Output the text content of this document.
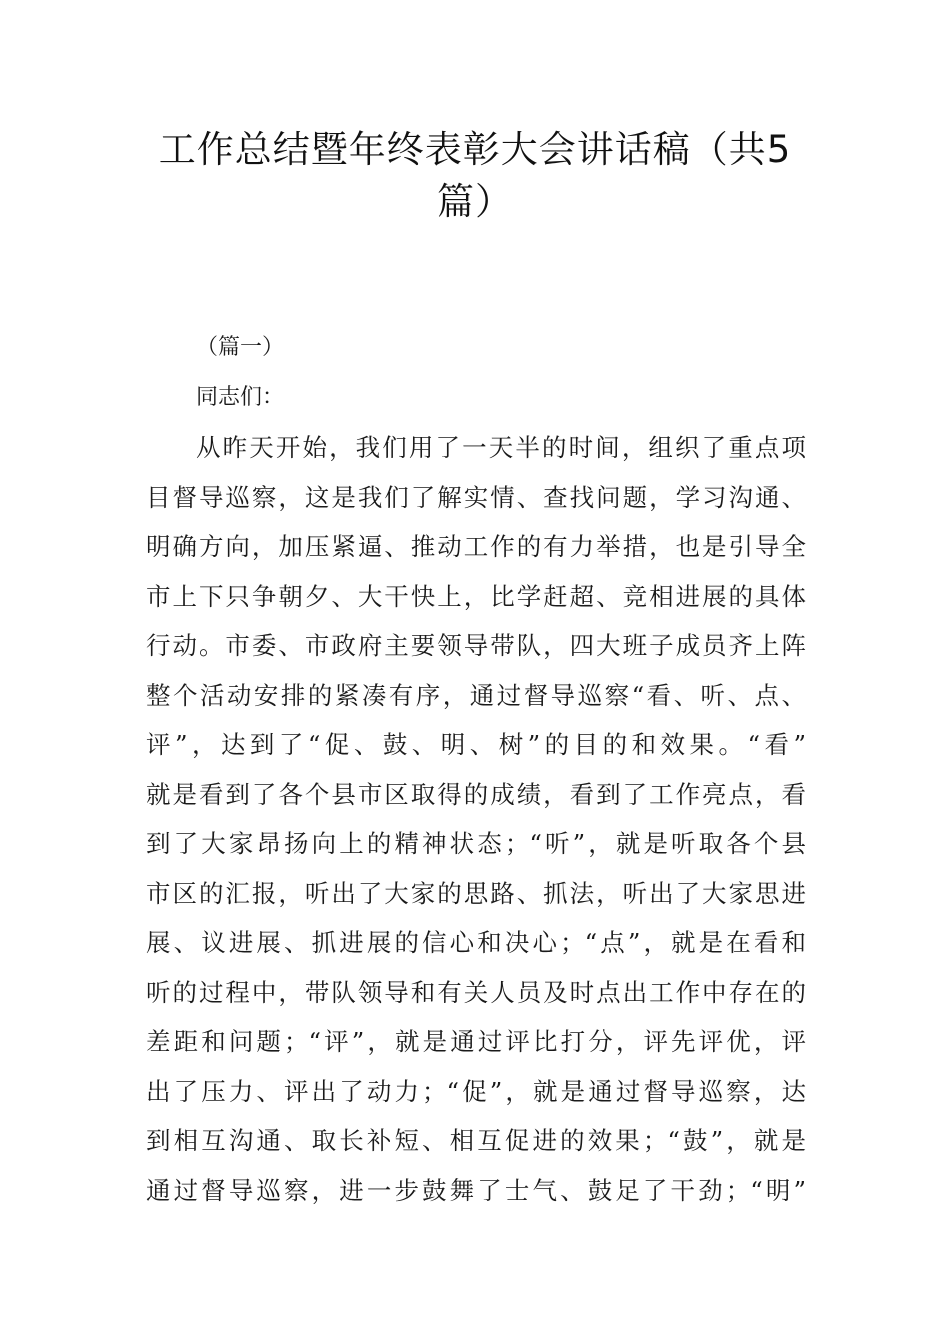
工作总结暨年终表彰大会讲话稿（共5
篇）

（篇一）

同志们：

从昨天开始，我们用了一天半的时间，组织了重点项
目督导巡察，这是我们了解实情、查找问题，学习沟通、
明确方向，加压紧逼、推动工作的有力举措，也是引导全
市上下只争朝夕、大干快上，比学赶超、竞相进展的具体
行动。市委、市政府主要领导带队，四大班子成员齐上阵
整个活动安排的紧凑有序，通过督导巡察“看、听、点、
评”，达到了“促、鼓、明、树”的目的和效果。“看”
就是看到了各个县市区取得的成绩，看到了工作亮点，看
到了大家昂扬向上的精神状态；“听”，就是听取各个县
市区的汇报，听出了大家的思路、抓法，听出了大家思进
展、议进展、抓进展的信心和决心；“点”，就是在看和
听的过程中，带队领导和有关人员及时点出工作中存在的
差距和问题；“评”，就是通过评比打分，评先评优，评
出了压力、评出了动力；“促”，就是通过督导巡察，达
到相互沟通、取长补短、相互促进的效果；“鼓”，就是
通过督导巡察，进一步鼓舞了士气、鼓足了干劲；“明”
